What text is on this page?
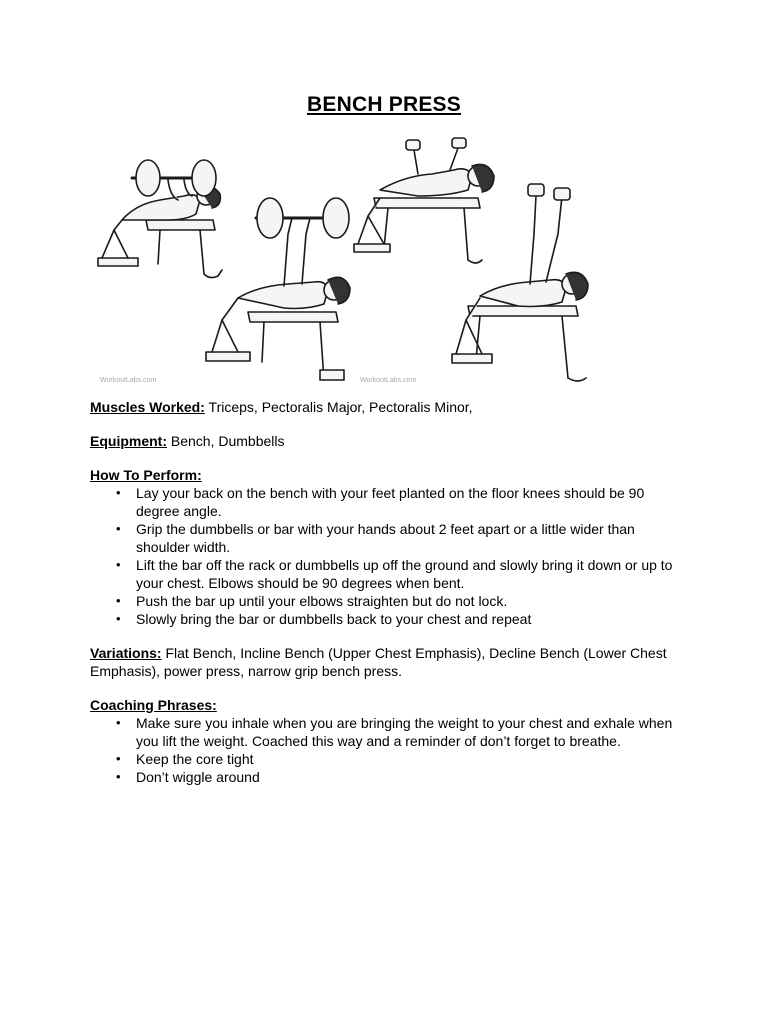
BENCH PRESS
WorkoutLabs.com	WorkoutLabs.com
Muscles Worked: Triceps, Pectoralis Major, Pectoralis Minor,
Equipment: Bench, Dumbbells
How To Perform:
• Lay your back on the bench with your feet planted on the floor knees should be 90 degree angle.
• Grip the dumbbells or bar with your hands about 2 feet apart or a little wider than shoulder width.
• Lift the bar off the rack or dumbbells up off the ground and slowly bring it down or up to your chest. Elbows should be 90 degrees when bent.
• Push the bar up until your elbows straighten but do not lock.
• Slowly bring the bar or dumbbells back to your chest and repeat
Variations: Flat Bench, Incline Bench (Upper Chest Emphasis), Decline Bench (Lower Chest Emphasis), power press, narrow grip bench press.
Coaching Phrases:
• Make sure you inhale when you are bringing the weight to your chest and exhale when you lift the weight. Coached this way and a reminder of don’t forget to breathe.
• Keep the core tight
• Don’t wiggle around
